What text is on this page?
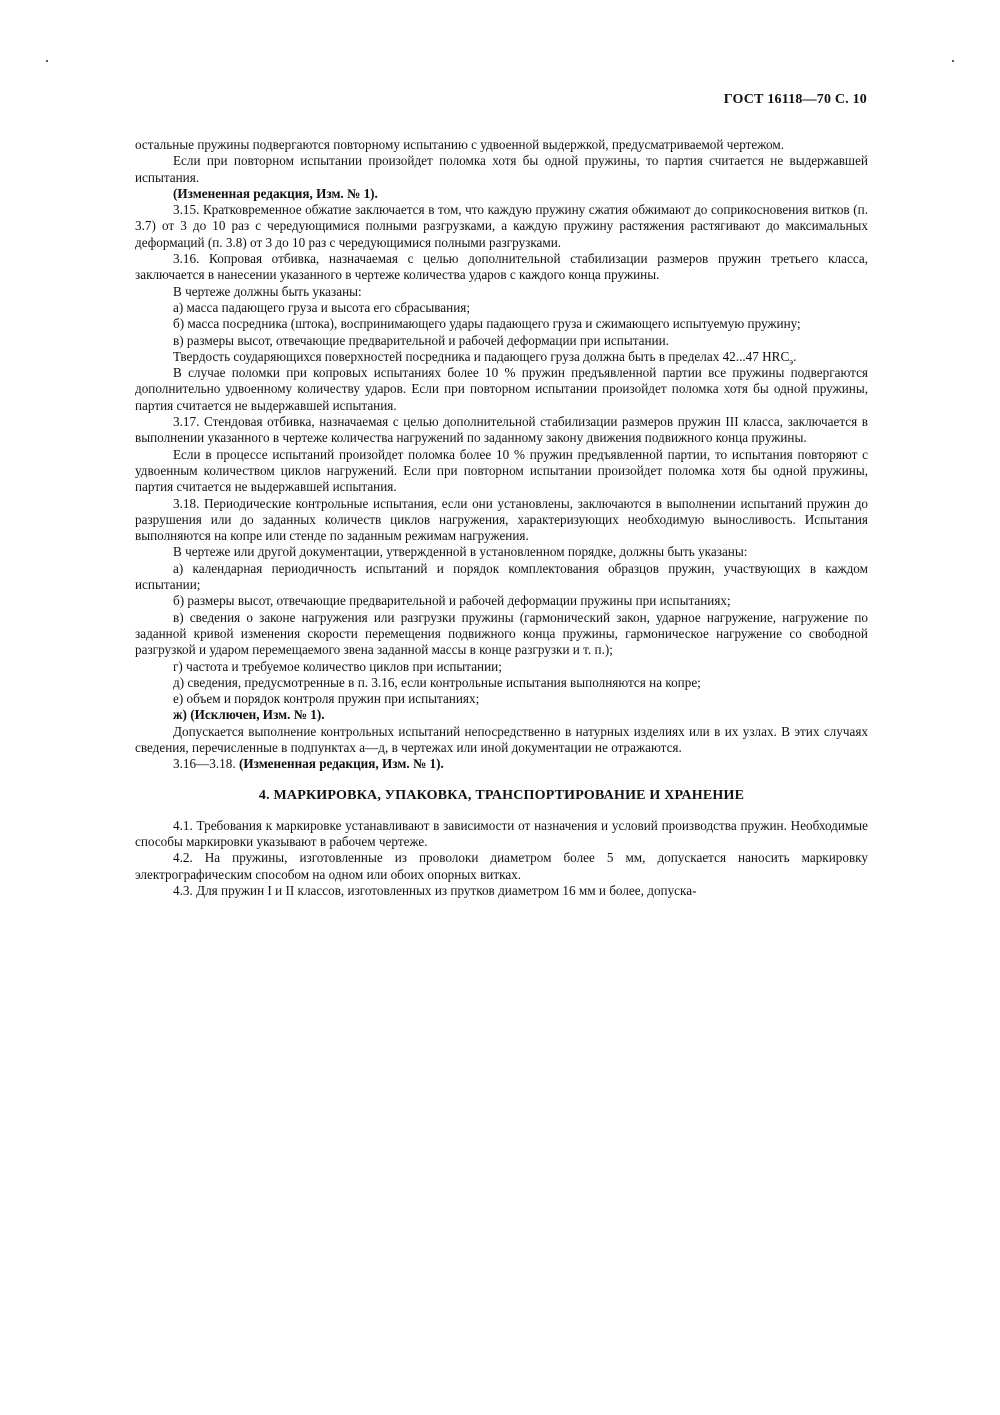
ГОСТ 16118—70 С. 10

остальные пружины подвергаются повторному испытанию с удвоенной выдержкой, предусматриваемой чертежом.

Если при повторном испытании произойдет поломка хотя бы одной пружины, то партия считается не выдержавшей испытания.

(Измененная редакция, Изм. № 1).

3.15. Кратковременное обжатие заключается в том, что каждую пружину сжатия обжимают до соприкосновения витков (п. 3.7) от 3 до 10 раз с чередующимися полными разгрузками, а каждую пружину растяжения растягивают до максимальных деформаций (п. 3.8) от 3 до 10 раз с чередующимися полными разгрузками.

3.16. Копровая отбивка, назначаемая с целью дополнительной стабилизации размеров пружин третьего класса, заключается в нанесении указанного в чертеже количества ударов с каждого конца пружины.

В чертеже должны быть указаны:

а) масса падающего груза и высота его сбрасывания;

б) масса посредника (штока), воспринимающего удары падающего груза и сжимающего испытуемую пружину;

в) размеры высот, отвечающие предварительной и рабочей деформации при испытании.

Твердость соударяющихся поверхностей посредника и падающего груза должна быть в пределах 42...47 $HRC_э$.

В случае поломки при копровых испытаниях более 10 % пружин предъявленной партии все пружины подвергаются дополнительно удвоенному количеству ударов. Если при повторном испытании произойдет поломка хотя бы одной пружины, партия считается не выдержавшей испытания.

3.17. Стендовая отбивка, назначаемая с целью дополнительной стабилизации размеров пружин III класса, заключается в выполнении указанного в чертеже количества нагружений по заданному закону движения подвижного конца пружины.

Если в процессе испытаний произойдет поломка более 10 % пружин предъявленной партии, то испытания повторяют с удвоенным количеством циклов нагружений. Если при повторном испытании произойдет поломка хотя бы одной пружины, партия считается не выдержавшей испытания.

3.18. Периодические контрольные испытания, если они установлены, заключаются в выполнении испытаний пружин до разрушения или до заданных количеств циклов нагружения, характеризующих необходимую выносливость. Испытания выполняются на копре или стенде по заданным режимам нагружения.

В чертеже или другой документации, утвержденной в установленном порядке, должны быть указаны:

а) календарная периодичность испытаний и порядок комплектования образцов пружин, участвующих в каждом испытании;

б) размеры высот, отвечающие предварительной и рабочей деформации пружины при испытаниях;

в) сведения о законе нагружения или разгрузки пружины (гармонический закон, ударное нагружение, нагружение по заданной кривой изменения скорости перемещения подвижного конца пружины, гармоническое нагружение со свободной разгрузкой и ударом перемещаемого звена заданной массы в конце разгрузки и т. п.);

г) частота и требуемое количество циклов при испытании;

д) сведения, предусмотренные в п. 3.16, если контрольные испытания выполняются на копре;

е) объем и порядок контроля пружин при испытаниях;

ж) (Исключен, Изм. № 1).

Допускается выполнение контрольных испытаний непосредственно в натурных изделиях или в их узлах. В этих случаях сведения, перечисленные в подпунктах а—д, в чертежах или иной документации не отражаются.

3.16—3.18. (Измененная редакция, Изм. № 1).

4. МАРКИРОВКА, УПАКОВКА, ТРАНСПОРТИРОВАНИЕ И ХРАНЕНИЕ

4.1. Требования к маркировке устанавливают в зависимости от назначения и условий производства пружин. Необходимые способы маркировки указывают в рабочем чертеже.

4.2. На пружины, изготовленные из проволоки диаметром более 5 мм, допускается наносить маркировку электрографическим способом на одном или обоих опорных витках.

4.3. Для пружин I и II классов, изготовленных из прутков диаметром 16 мм и более, допуска-
